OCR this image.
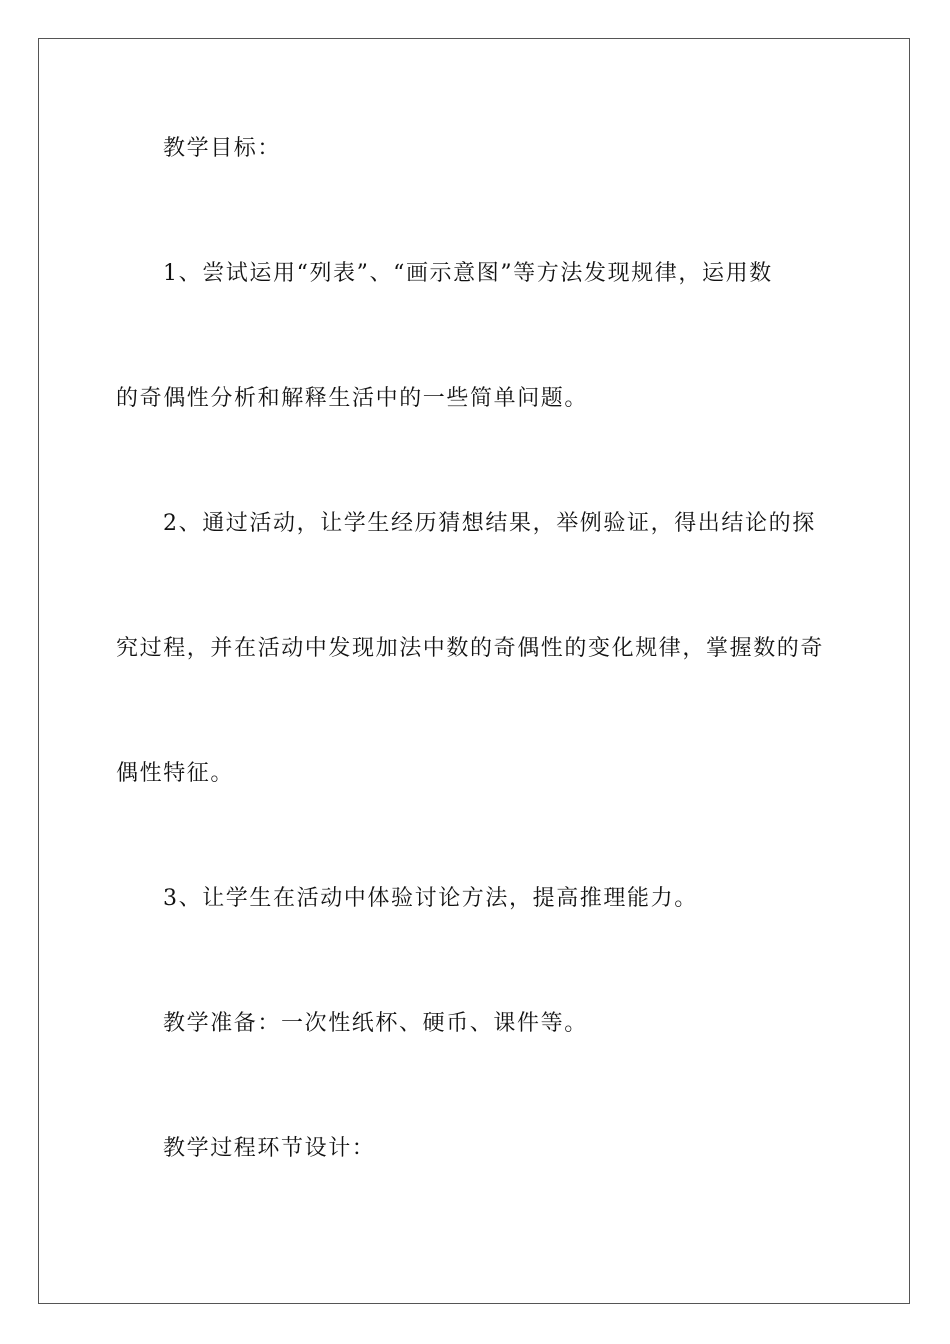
教学目标：
1、尝试运用“列表”、“画示意图”等方法发现规律，运用数
的奇偶性分析和解释生活中的一些简单问题。
2、通过活动，让学生经历猜想结果，举例验证，得出结论的探
究过程，并在活动中发现加法中数的奇偶性的变化规律，掌握数的奇
偶性特征。
3、让学生在活动中体验讨论方法，提高推理能力。
教学准备：一次性纸杯、硬币、课件等。
教学过程环节设计：
